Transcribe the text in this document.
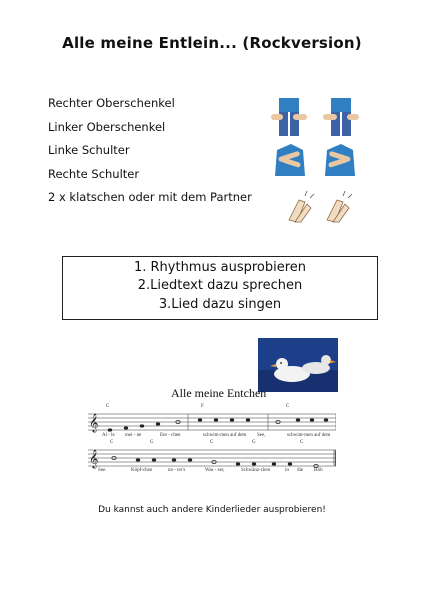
Alle meine Entlein... (Rockversion)
Rechter Oberschenkel
Linker Oberschenkel
Linke Schulter
Rechte Schulter
2 x klatschen oder mit dem Partner
1. Rhythmus ausprobieren
2.Liedtext dazu sprechen
3.Lied dazu singen
Alle meine Entchen
C	F	C
𝄞
Al - le mei - ne	Ent - chen	schwim-men auf dem See,	schwim-men auf dem
C	G	C	G	C
𝄞
See.	Köpf-chen	un - ter's	Was - ser,	Schwänz-chen	in die Höh
Du kannst auch andere Kinderlieder ausprobieren!
